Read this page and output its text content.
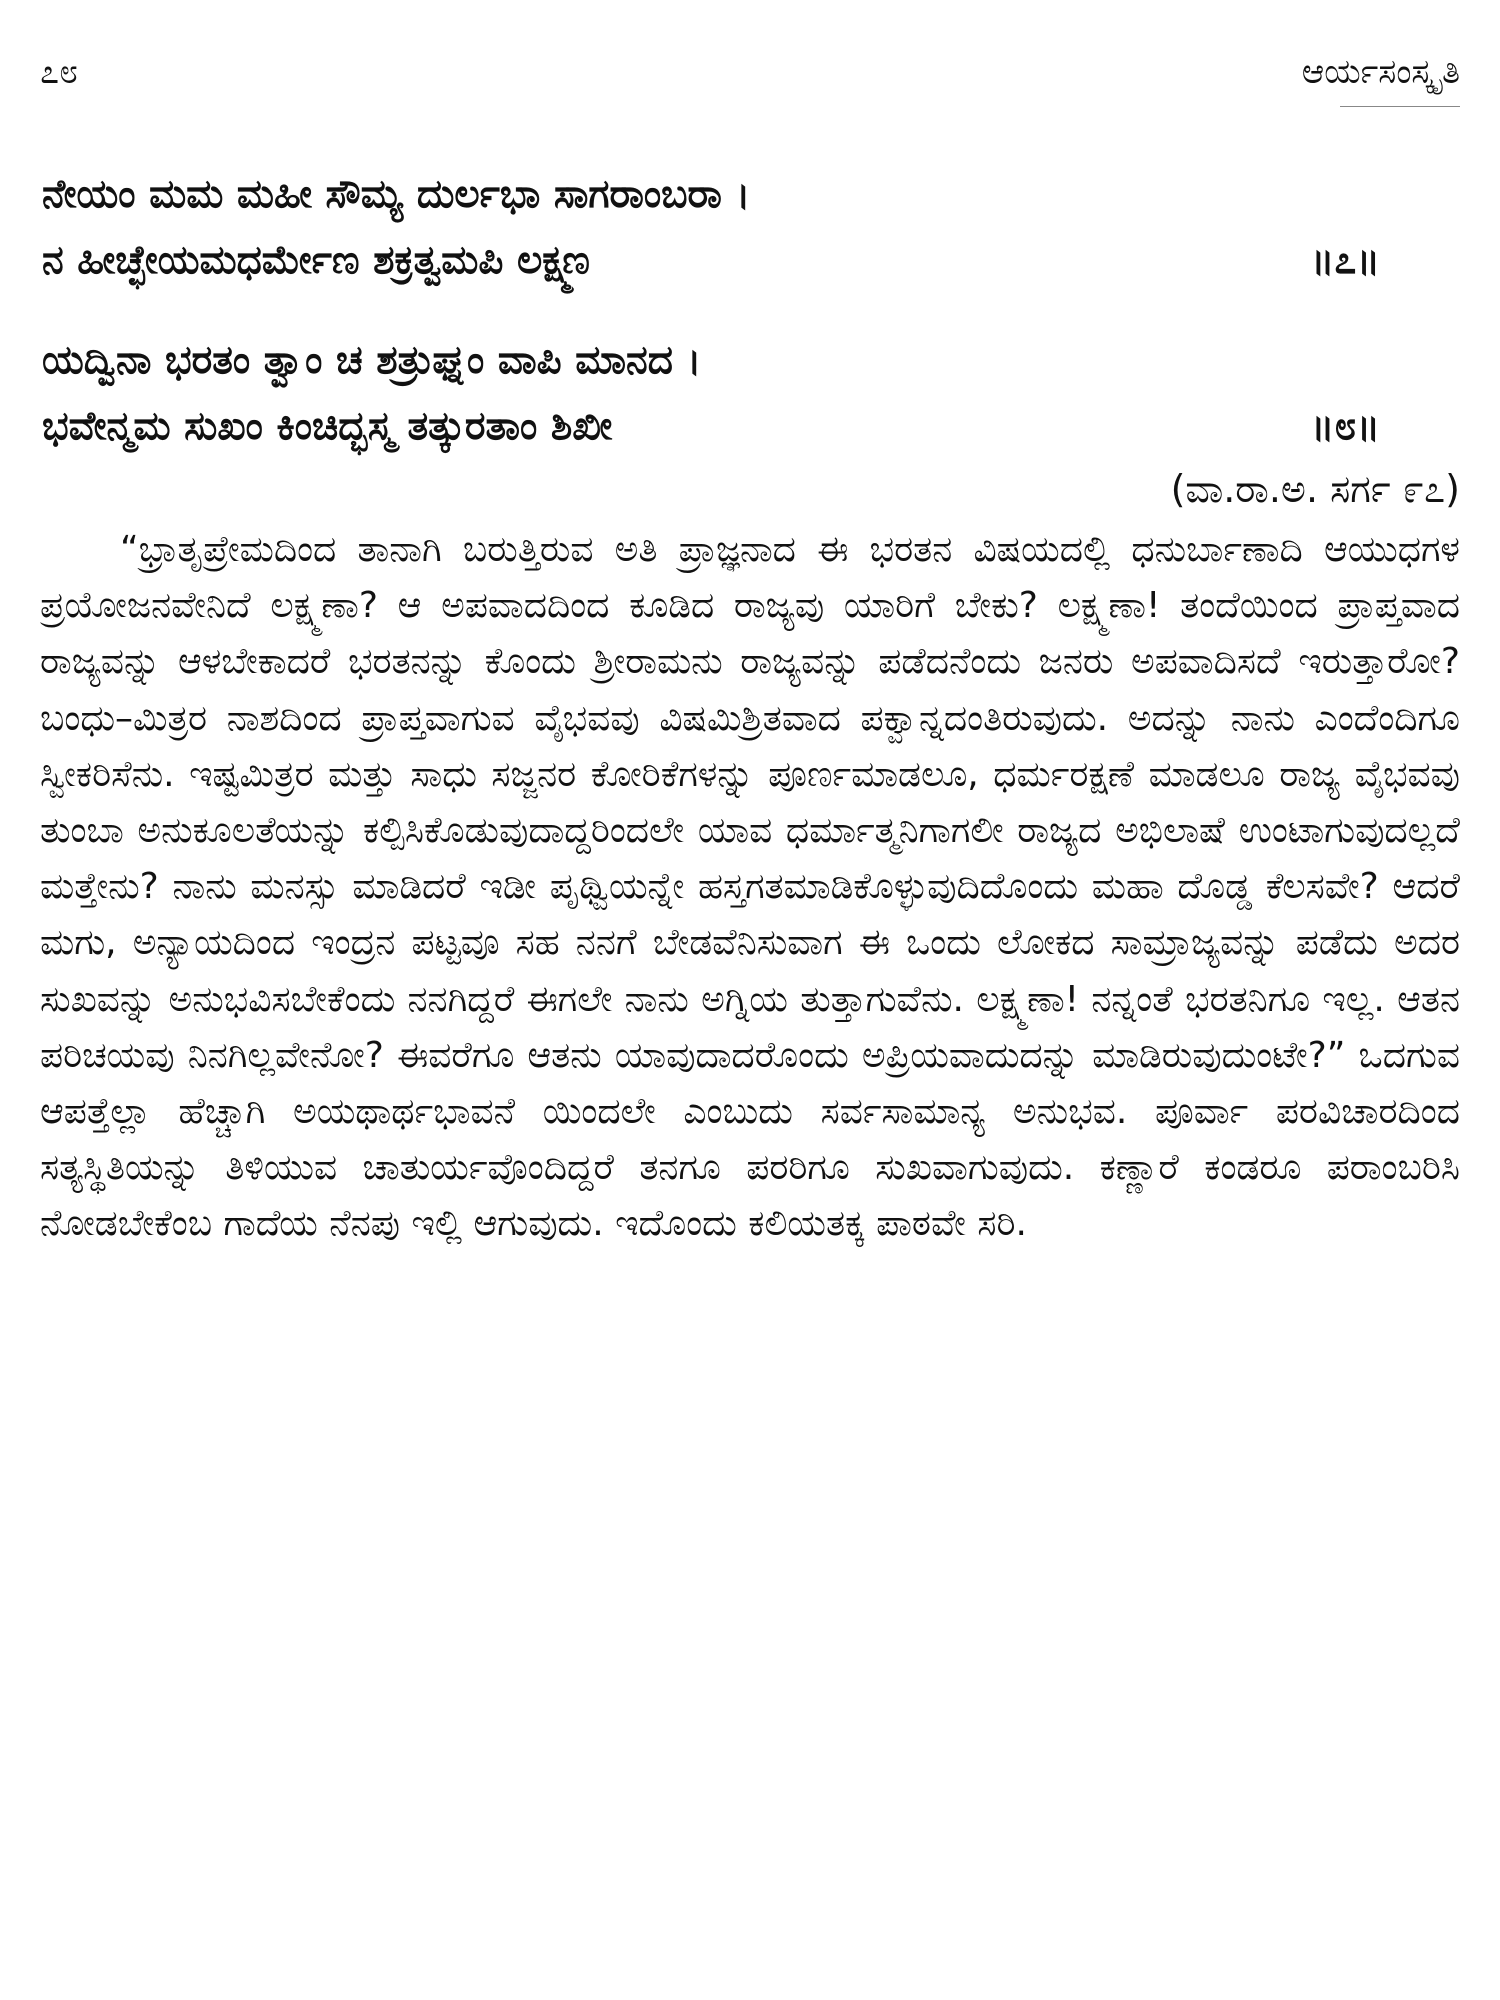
೭೮	ಆರ್ಯಸಂಸ್ಕೃತಿ
ನೇಯಂ ಮಮ ಮಹೀ ಸೌಮ್ಯ ದುರ್ಲಭಾ ಸಾಗರಾಂಬರಾ ।
ನ ಹೀಚ್ಛೇಯಮಧರ್ಮೇಣ ಶಕ್ರತ್ವಮಪಿ ಲಕ್ಷ್ಮಣ	॥೭॥
ಯದ್ವಿನಾ ಭರತಂ ತ್ವಾಂ ಚ ಶತ್ರುಘ್ನಂ ವಾಪಿ ಮಾನದ ।
ಭವೇನ್ಮಮ ಸುಖಂ ಕಿಂಚಿದ್ಭಸ್ಮ ತತ್ಕುರತಾಂ ಶಿಖೀ	॥೮॥
(ವಾ.ರಾ.ಅ. ಸರ್ಗ ೯೭)

“ಭ್ರಾತೃಪ್ರೇಮದಿಂದ ತಾನಾಗಿ ಬರುತ್ತಿರುವ ಅತಿ ಪ್ರಾಜ್ಞನಾದ ಈ ಭರತನ ವಿಷಯದಲ್ಲಿ ಧನುರ್ಬಾಣಾದಿ ಆಯುಧಗಳ ಪ್ರಯೋಜನವೇನಿದೆ ಲಕ್ಷ್ಮಣಾ? ಆ ಅಪವಾದದಿಂದ ಕೂಡಿದ ರಾಜ್ಯವು ಯಾರಿಗೆ ಬೇಕು? ಲಕ್ಷ್ಮಣಾ! ತಂದೆಯಿಂದ ಪ್ರಾಪ್ತವಾದ ರಾಜ್ಯವನ್ನು ಆಳಬೇಕಾದರೆ ಭರತನನ್ನು ಕೊಂದು ಶ್ರೀರಾಮನು ರಾಜ್ಯವನ್ನು ಪಡೆದನೆಂದು ಜನರು ಅಪವಾದಿಸದೆ ಇರುತ್ತಾರೋ? ಬಂಧು–ಮಿತ್ರರ ನಾಶದಿಂದ ಪ್ರಾಪ್ತವಾಗುವ ವೈಭವವು ವಿಷಮಿಶ್ರಿತವಾದ ಪಕ್ವಾನ್ನದಂತಿರುವುದು. ಅದನ್ನು ನಾನು ಎಂದೆಂದಿಗೂ ಸ್ವೀಕರಿಸೆನು. ಇಷ್ಟಮಿತ್ರರ ಮತ್ತು ಸಾಧು ಸಜ್ಜನರ ಕೋರಿಕೆಗಳನ್ನು ಪೂರ್ಣಮಾಡಲೂ, ಧರ್ಮರಕ್ಷಣೆ ಮಾಡಲೂ ರಾಜ್ಯ ವೈಭವವು ತುಂಬಾ ಅನುಕೂಲತೆಯನ್ನು ಕಲ್ಪಿಸಿಕೊಡುವುದಾದ್ದರಿಂದಲೇ ಯಾವ ಧರ್ಮಾತ್ಮನಿಗಾಗಲೀ ರಾಜ್ಯದ ಅಭಿಲಾಷೆ ಉಂಟಾಗುವುದಲ್ಲದೆ ಮತ್ತೇನು? ನಾನು ಮನಸ್ಸು ಮಾಡಿದರೆ ಇಡೀ ಪೃಥ್ವಿಯನ್ನೇ ಹಸ್ತಗತಮಾಡಿಕೊಳ್ಳುವುದಿದೊಂದು ಮಹಾ ದೊಡ್ಡ ಕೆಲಸವೇ? ಆದರೆ ಮಗು, ಅನ್ಯಾಯದಿಂದ ಇಂದ್ರನ ಪಟ್ಟವೂ ಸಹ ನನಗೆ ಬೇಡವೆನಿಸುವಾಗ ಈ ಒಂದು ಲೋಕದ ಸಾಮ್ರಾಜ್ಯವನ್ನು ಪಡೆದು ಅದರ ಸುಖವನ್ನು ಅನುಭವಿಸಬೇಕೆಂದು ನನಗಿದ್ದರೆ ಈಗಲೇ ನಾನು ಅಗ್ನಿಯ ತುತ್ತಾಗುವೆನು. ಲಕ್ಷ್ಮಣಾ! ನನ್ನಂತೆ ಭರತನಿಗೂ ಇಲ್ಲ. ಆತನ ಪರಿಚಯವು ನಿನಗಿಲ್ಲವೇನೋ? ಈವರೆಗೂ ಆತನು ಯಾವುದಾದರೊಂದು ಅಪ್ರಿಯವಾದುದನ್ನು ಮಾಡಿರುವುದುಂಟೇ?” ಒದಗುವ ಆಪತ್ತೆಲ್ಲಾ ಹೆಚ್ಚಾಗಿ ಅಯಥಾರ್ಥಭಾವನೆ ಯಿಂದಲೇ ಎಂಬುದು ಸರ್ವಸಾಮಾನ್ಯ ಅನುಭವ. ಪೂರ್ವಾ ಪರವಿಚಾರದಿಂದ ಸತ್ಯಸ್ಥಿತಿಯನ್ನು ತಿಳಿಯುವ ಚಾತುರ್ಯವೊಂದಿದ್ದರೆ ತನಗೂ ಪರರಿಗೂ ಸುಖವಾಗುವುದು. ಕಣ್ಣಾರೆ ಕಂಡರೂ ಪರಾಂಬರಿಸಿ ನೋಡಬೇಕೆಂಬ ಗಾದೆಯ ನೆನಪು ಇಲ್ಲಿ ಆಗುವುದು. ಇದೊಂದು ಕಲಿಯತಕ್ಕ ಪಾಠವೇ ಸರಿ.
